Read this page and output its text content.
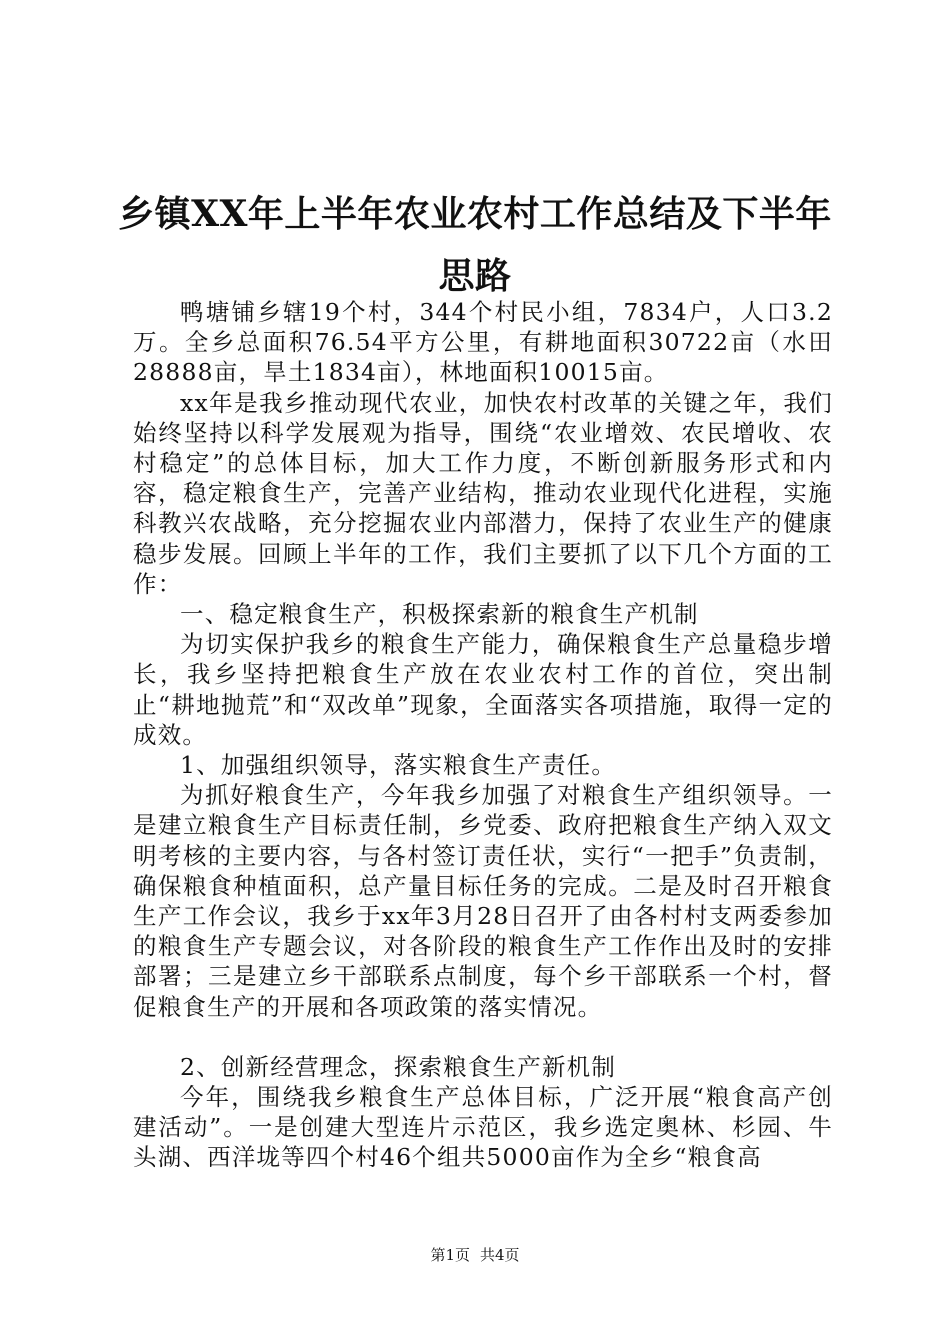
乡镇XX年上半年农业农村工作总结及下半年
思路

鸭塘铺乡辖19个村，344个村民小组，7834户，人口3.2万。全乡总面积76.54平方公里，有耕地面积30722亩（水田28888亩，旱土1834亩），林地面积10015亩。

xx年是我乡推动现代农业，加快农村改革的关键之年，我们始终坚持以科学发展观为指导，围绕“农业增效、农民增收、农村稳定”的总体目标，加大工作力度，不断创新服务形式和内容，稳定粮食生产，完善产业结构，推动农业现代化进程，实施科教兴农战略，充分挖掘农业内部潜力，保持了农业生产的健康稳步发展。回顾上半年的工作，我们主要抓了以下几个方面的工作：

一、稳定粮食生产，积极探索新的粮食生产机制

为切实保护我乡的粮食生产能力，确保粮食生产总量稳步增长，我乡坚持把粮食生产放在农业农村工作的首位，突出制止“耕地抛荒”和“双改单”现象，全面落实各项措施，取得一定的成效。

1、加强组织领导，落实粮食生产责任。

为抓好粮食生产，今年我乡加强了对粮食生产组织领导。一是建立粮食生产目标责任制，乡党委、政府把粮食生产纳入双文明考核的主要内容，与各村签订责任状，实行“一把手”负责制，确保粮食种植面积，总产量目标任务的完成。二是及时召开粮食生产工作会议，我乡于xx年3月28日召开了由各村村支两委参加的粮食生产专题会议，对各阶段的粮食生产工作作出及时的安排部署；三是建立乡干部联系点制度，每个乡干部联系一个村，督促粮食生产的开展和各项政策的落实情况。

2、创新经营理念，探索粮食生产新机制

今年，围绕我乡粮食生产总体目标，广泛开展“粮食高产创建活动”。一是创建大型连片示范区，我乡选定奥林、杉园、牛头湖、西洋垅等四个村46个组共5000亩作为全乡“粮食高

第1页 共4页
